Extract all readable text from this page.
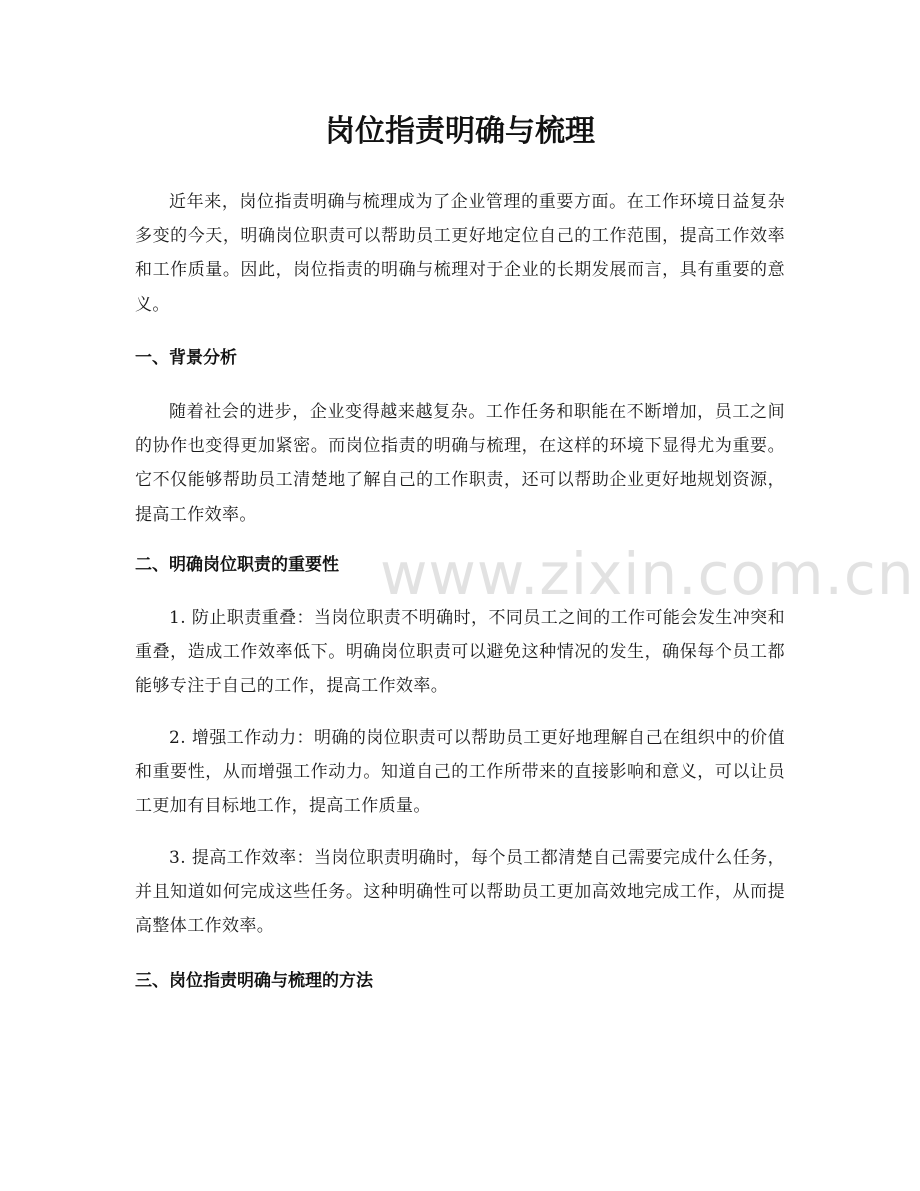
岗位指责明确与梳理

近年来，岗位指责明确与梳理成为了企业管理的重要方面。在工作环境日益复杂多变的今天，明确岗位职责可以帮助员工更好地定位自己的工作范围，提高工作效率和工作质量。因此，岗位指责的明确与梳理对于企业的长期发展而言，具有重要的意义。

一、背景分析

随着社会的进步，企业变得越来越复杂。工作任务和职能在不断增加，员工之间的协作也变得更加紧密。而岗位指责的明确与梳理，在这样的环境下显得尤为重要。它不仅能够帮助员工清楚地了解自己的工作职责，还可以帮助企业更好地规划资源，提高工作效率。

二、明确岗位职责的重要性

1. 防止职责重叠：当岗位职责不明确时，不同员工之间的工作可能会发生冲突和重叠，造成工作效率低下。明确岗位职责可以避免这种情况的发生，确保每个员工都能够专注于自己的工作，提高工作效率。

2. 增强工作动力：明确的岗位职责可以帮助员工更好地理解自己在组织中的价值和重要性，从而增强工作动力。知道自己的工作所带来的直接影响和意义，可以让员工更加有目标地工作，提高工作质量。

3. 提高工作效率：当岗位职责明确时，每个员工都清楚自己需要完成什么任务，并且知道如何完成这些任务。这种明确性可以帮助员工更加高效地完成工作，从而提高整体工作效率。

三、岗位指责明确与梳理的方法
www.zixin.com.cn
